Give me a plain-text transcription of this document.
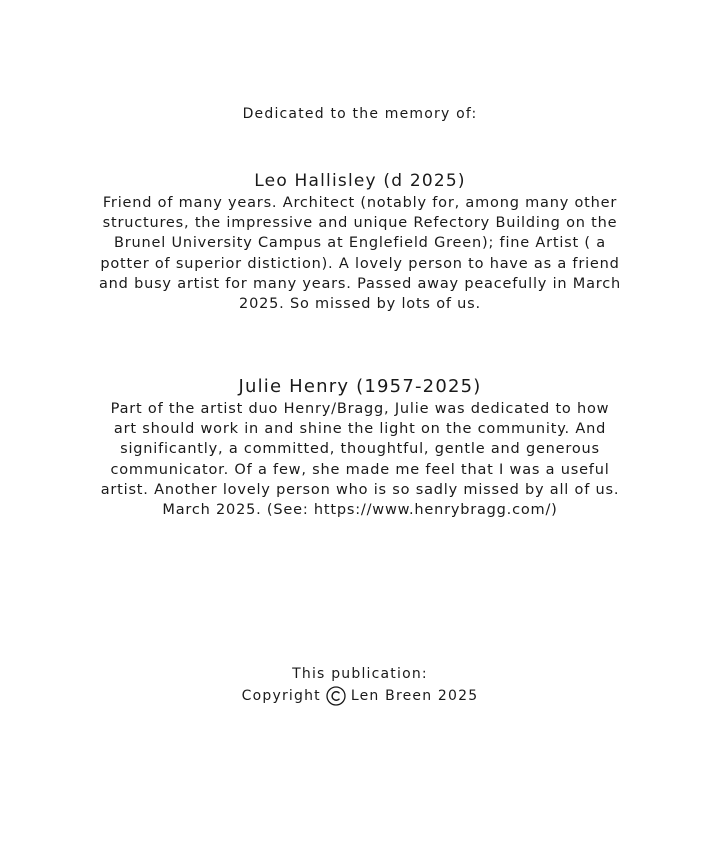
Dedicated to the memory of:

Leo Hallisley (d 2025)

Friend of many years. Architect (notably for, among many other structures, the impressive and unique Refectory Building on the Brunel University Campus at Englefield Green); fine Artist ( a potter of superior distiction). A lovely person to have as a friend and busy artist for many years. Passed away peacefully in March 2025. So missed by lots of us.

Julie Henry (1957-2025)

Part of the artist duo Henry/Bragg, Julie was dedicated to how art should work in and shine the light on the community. And significantly, a committed, thoughtful, gentle and generous communicator. Of a few, she made me feel that I was a useful artist. Another lovely person who is so sadly missed by all of us. March 2025. (See: https://www.henrybragg.com/)

This publication:
Copyright Len Breen 2025
